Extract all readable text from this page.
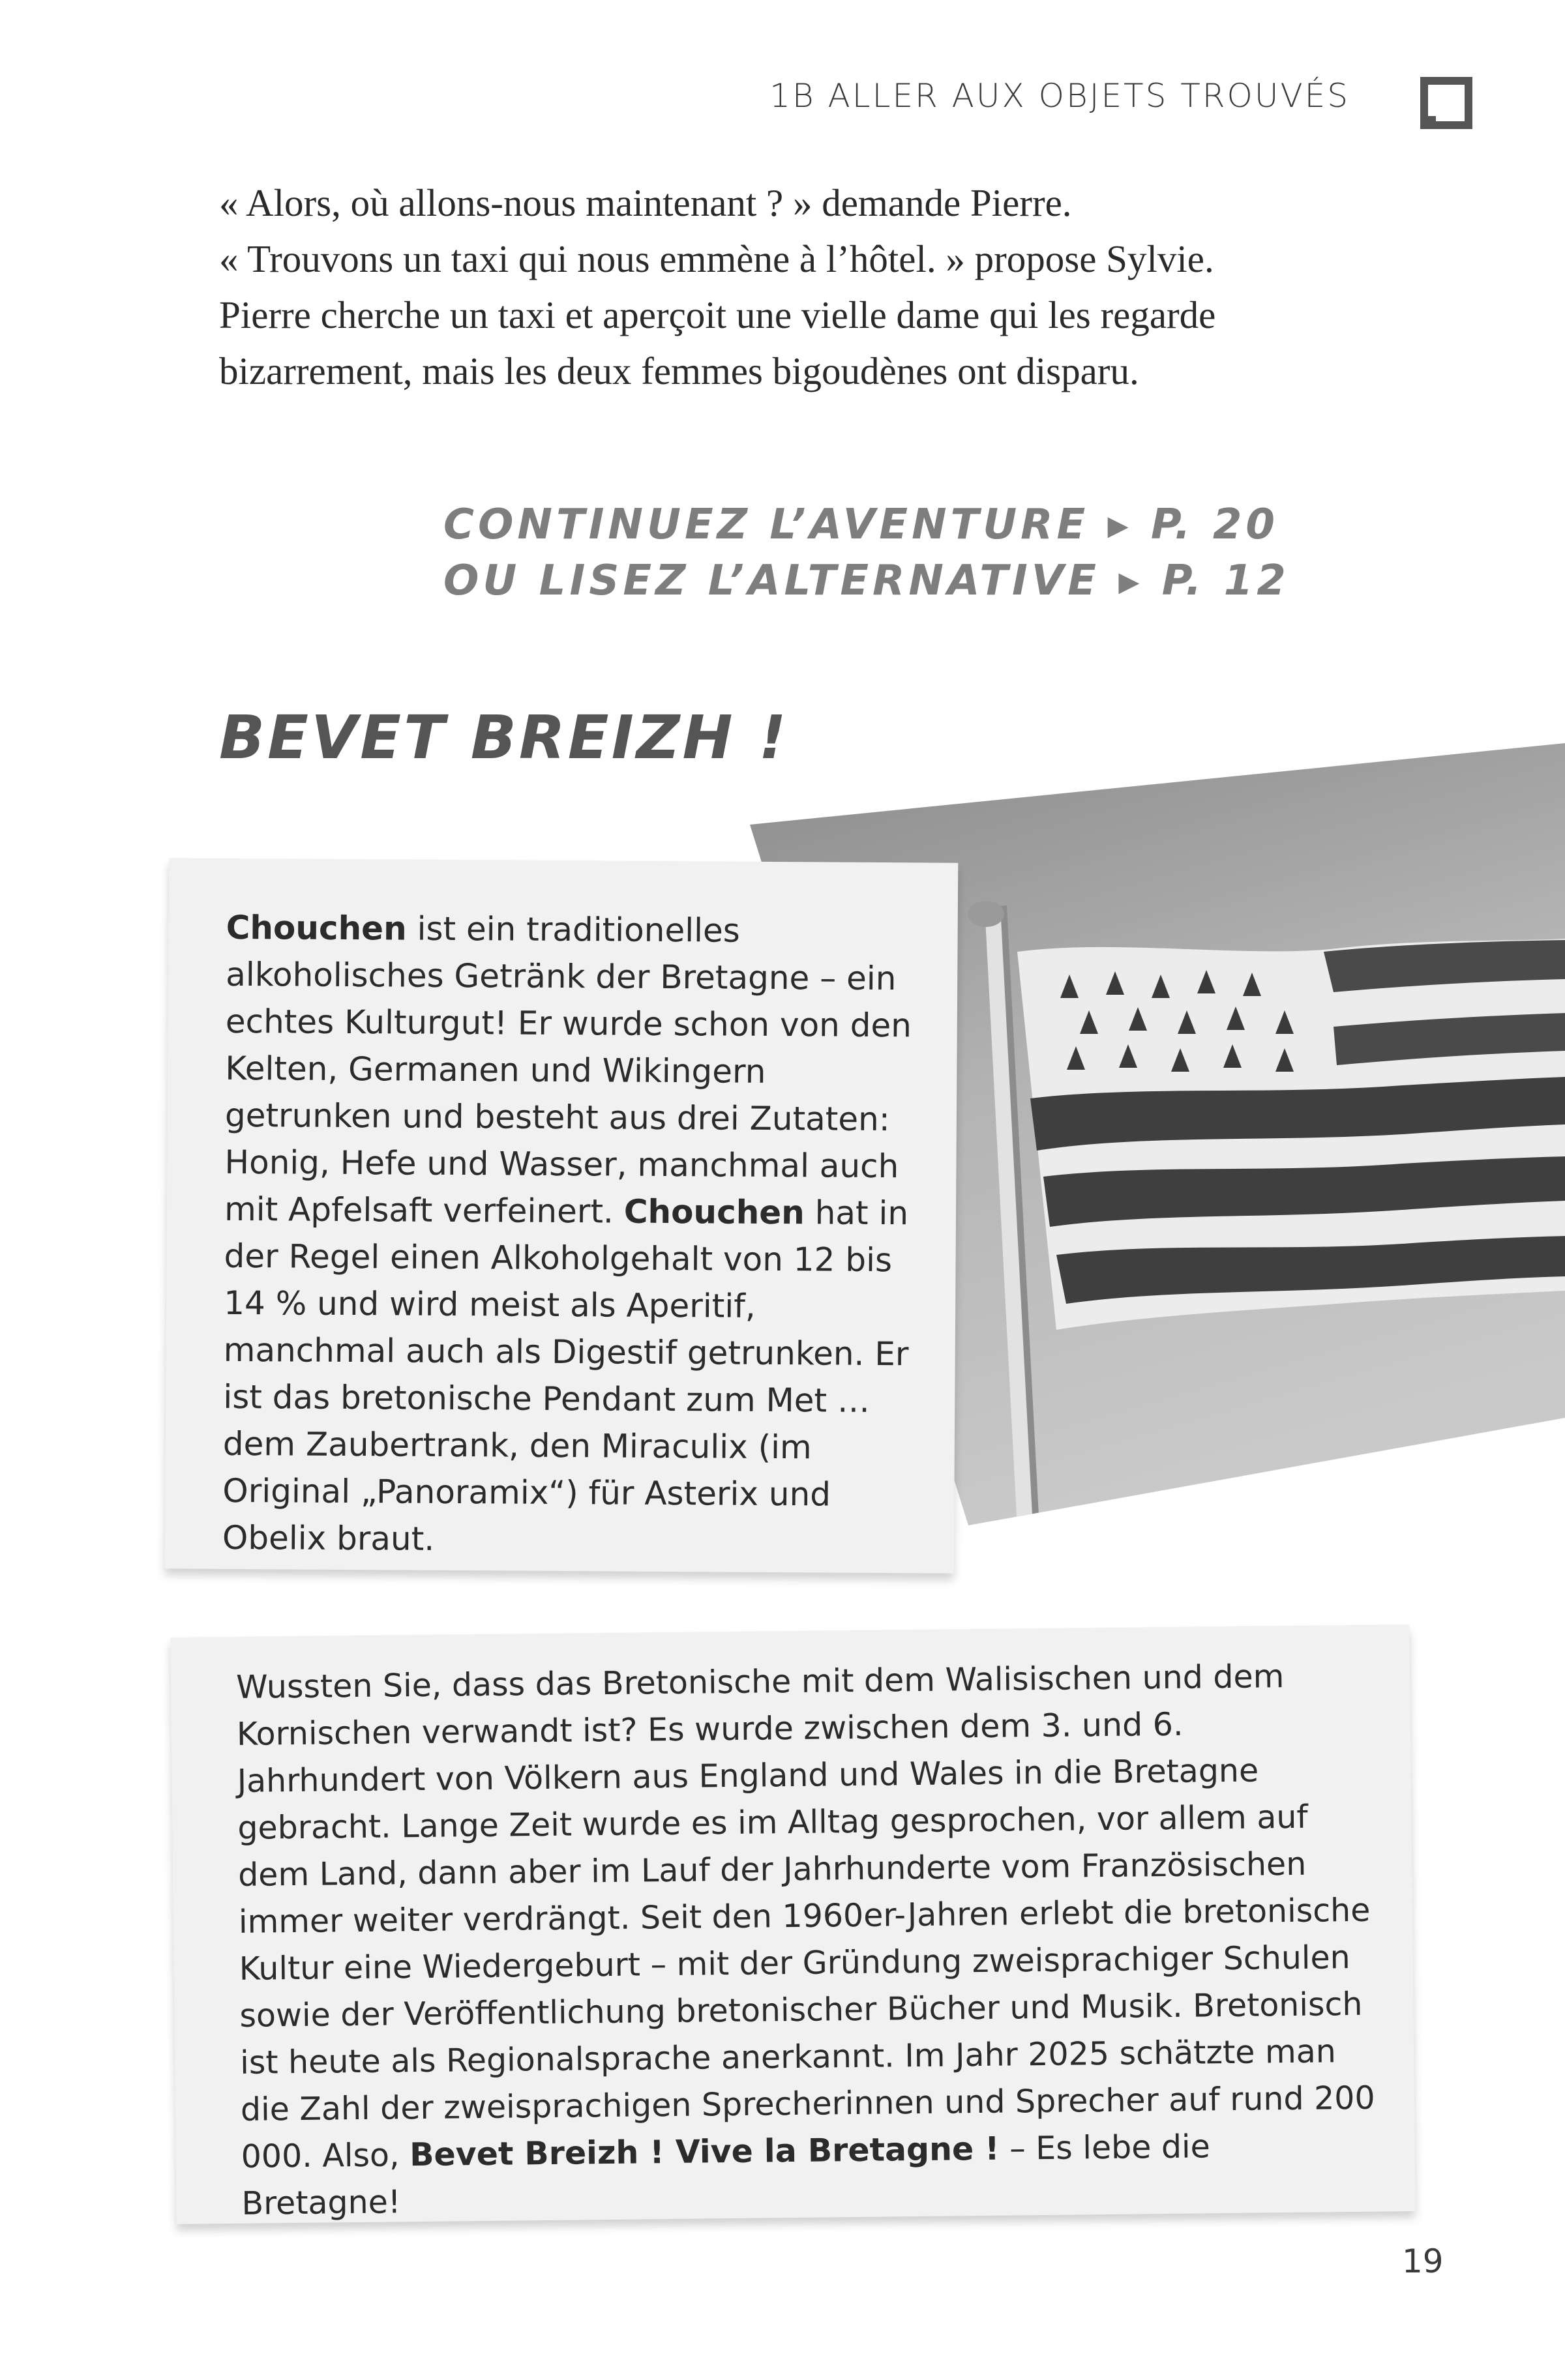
1B ALLER AUX OBJETS TROUVÉS

« Alors, où allons-nous maintenant ? » demande Pierre.

« Trouvons un taxi qui nous emmène à l’hôtel. » propose Sylvie.

Pierre cherche un taxi et aperçoit une vielle dame qui les regarde

bizarrement, mais les deux femmes bigoudènes ont disparu.

CONTINUEZ L’AVENTURE ▸ P. 20
OU LISEZ L’ALTERNATIVE ▸ P. 12
BEVET BREIZH !
Chouchen ist ein traditionelles alkoholisches Getränk der Bretagne – ein echtes Kulturgut! Er wurde schon von den Kelten, Germanen und Wikingern getrunken und besteht aus drei Zutaten: Honig, Hefe und Wasser, manchmal auch mit Apfelsaft verfeinert. Chouchen hat in der Regel einen Alkoholgehalt von 12 bis 14 % und wird meist als Aperitif, manchmal auch als Digestif getrunken. Er ist das bretonische Pendant zum Met … dem Zaubertrank, den Miraculix (im Original „Panoramix“) für Asterix und Obelix braut.
Wussten Sie, dass das Bretonische mit dem Walisischen und dem Kornischen verwandt ist? Es wurde zwischen dem 3. und 6. Jahrhundert von Völkern aus England und Wales in die Bretagne gebracht. Lange Zeit wurde es im Alltag gesprochen, vor allem auf dem Land, dann aber im Lauf der Jahrhunderte vom Französischen immer weiter verdrängt. Seit den 1960er-Jahren erlebt die bretonische Kultur eine Wiedergeburt – mit der Gründung zweisprachiger Schulen sowie der Veröffentlichung bretonischer Bücher und Musik. Bretonisch ist heute als Regionalsprache anerkannt. Im Jahr 2025 schätzte man die Zahl der zweisprachigen Sprecherinnen und Sprecher auf rund 200 000. Also, Bevet Breizh ! Vive la Bretagne ! – Es lebe die Bretagne!
19
